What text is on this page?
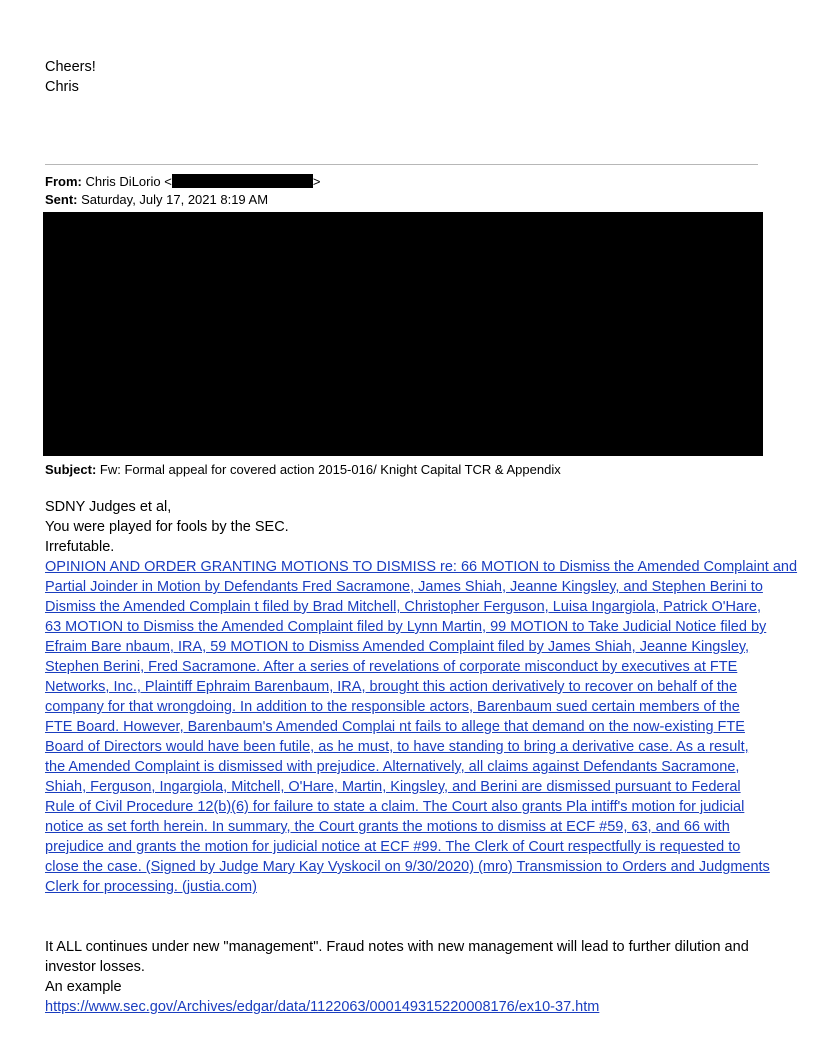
Cheers!
Chris
From: Chris DiLorio <	>
Sent: Saturday, July 17, 2021 8:19 AM
Subject: Fw: Formal appeal for covered action 2015-016/ Knight Capital TCR & Appendix
SDNY Judges et al,
You were played for fools by the SEC.
Irrefutable.
OPINION AND ORDER GRANTING MOTIONS TO DISMISS re: 66 MOTION to Dismiss the Amended Complaint and
Partial Joinder in Motion by Defendants Fred Sacramone, James Shiah, Jeanne Kingsley, and Stephen Berini to
Dismiss the Amended Complain t filed by Brad Mitchell, Christopher Ferguson, Luisa Ingargiola, Patrick O'Hare,
63 MOTION to Dismiss the Amended Complaint filed by Lynn Martin, 99 MOTION to Take Judicial Notice filed by
Efraim Bare nbaum, IRA, 59 MOTION to Dismiss Amended Complaint filed by James Shiah, Jeanne Kingsley,
Stephen Berini, Fred Sacramone. After a series of revelations of corporate misconduct by executives at FTE
Networks, Inc., Plaintiff Ephraim Barenbaum, IRA, brought this action derivatively to recover on behalf of the
company for that wrongdoing. In addition to the responsible actors, Barenbaum sued certain members of the
FTE Board. However, Barenbaum's Amended Complai nt fails to allege that demand on the now-existing FTE
Board of Directors would have been futile, as he must, to have standing to bring a derivative case. As a result,
the Amended Complaint is dismissed with prejudice. Alternatively, all claims against Defendants Sacramone,
Shiah, Ferguson, Ingargiola, Mitchell, O'Hare, Martin, Kingsley, and Berini are dismissed pursuant to Federal
Rule of Civil Procedure 12(b)(6) for failure to state a claim. The Court also grants Pla intiff's motion for judicial
notice as set forth herein. In summary, the Court grants the motions to dismiss at ECF #59, 63, and 66 with
prejudice and grants the motion for judicial notice at ECF #99. The Clerk of Court respectfully is requested to
close the case. (Signed by Judge Mary Kay Vyskocil on 9/30/2020) (mro) Transmission to Orders and Judgments
Clerk for processing. (justia.com)
It ALL continues under new "management". Fraud notes with new management will lead to further dilution and
investor losses.
An example
https://www.sec.gov/Archives/edgar/data/1122063/000149315220008176/ex10-37.htm
